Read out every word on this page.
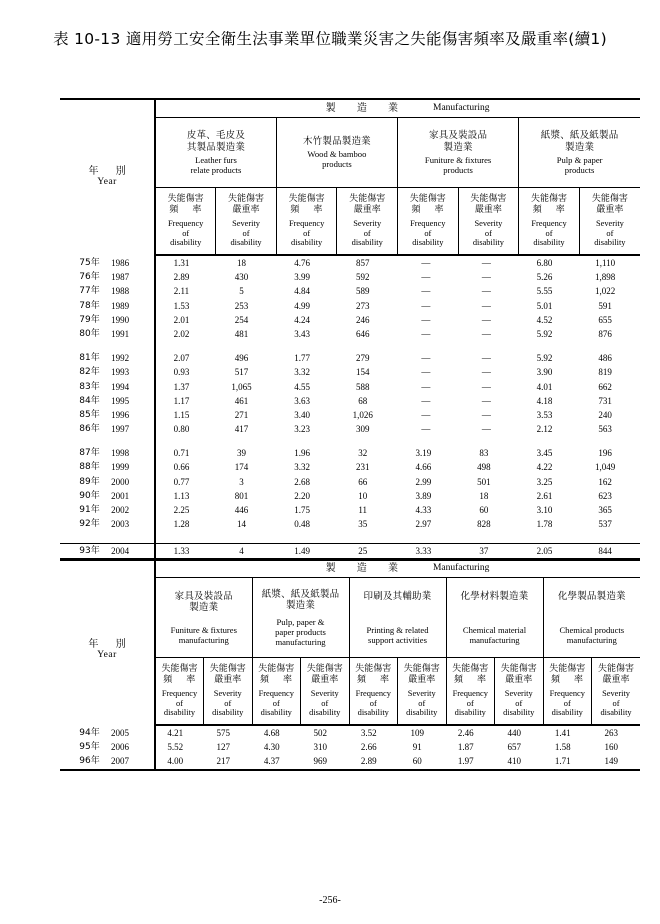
表 10-13 適用勞工安全衛生法事業單位職業災害之失能傷害頻率及嚴重率(續1)
年 別
Year

製 造 業	Manufacturing

		皮革、毛皮及
其製品製造業
Leather furs
relate products		木竹製品製造業
Wood & bamboo
products		家具及裝設品
製造業
Funiture & fixtures
products		紙漿、紙及紙製品
製造業
Pulp & paper
products	

		失能傷害
頻　率
Frequency
of
disability	失能傷害
嚴重率
Severity
of
disability	失能傷害
頻　率
Frequency
of
disability	失能傷害
嚴重率
Severity
of
disability	失能傷害
頻　率
Frequency
of
disability	失能傷害
嚴重率
Severity
of
disability	失能傷害
頻　率
Frequency
of
disability	失能傷害
嚴重率
Severity
of
disability

75年	1986	1.31	18	4.76	857	—	—	6.80	1,110
76年	1987	2.89	430	3.99	592	—	—	5.26	1,898
77年	1988	2.11	5	4.84	589	—	—	5.55	1,022
78年	1989	1.53	253	4.99	273	—	—	5.01	591
79年	1990	2.01	254	4.24	246	—	—	4.52	655
80年	1991	2.02	481	3.43	646	—	—	5.92	876

81年	1992	2.07	496	1.77	279	—	—	5.92	486
82年	1993	0.93	517	3.32	154	—	—	3.90	819
83年	1994	1.37	1,065	4.55	588	—	—	4.01	662
84年	1995	1.17	461	3.63	68	—	—	4.18	731
85年	1996	1.15	271	3.40	1,026	—	—	3.53	240
86年	1997	0.80	417	3.23	309	—	—	2.12	563

87年	1998	0.71	39	1.96	32	3.19	83	3.45	196
88年	1999	0.66	174	3.32	231	4.66	498	4.22	1,049
89年	2000	0.77	3	2.68	66	2.99	501	3.25	162
90年	2001	1.13	801	2.20	10	3.89	18	2.61	623
91年	2002	2.25	446	1.75	11	4.33	60	3.10	365
92年	2003	1.28	14	0.48	35	2.97	828	1.78	537

93年	2004	1.33	4	1.49	25	3.33	37	2.05	844
年 別
Year

製 造 業	Manufacturing

		家具及裝設品
製造業
Funiture & fixtures
manufacturing		紙漿、紙及紙製品
製造業
Pulp, paper &
paper products
manufacturing		印刷及其輔助業
Printing & related
support activities		化學材料製造業
Chemical material
manufacturing		化學製品製造業
Chemical products
manufacturing	

		失能傷害
頻　率
Frequency
of
disability	失能傷害
嚴重率
Severity
of
disability	失能傷害
頻　率
Frequency
of
disability	失能傷害
嚴重率
Severity
of
disability	失能傷害
頻　率
Frequency
of
disability	失能傷害
嚴重率
Severity
of
disability	失能傷害
頻　率
Frequency
of
disability	失能傷害
嚴重率
Severity
of
disability	失能傷害
頻　率
Frequency
of
disability	失能傷害
嚴重率
Severity
of
disability

94年	2005	4.21	575	4.68	502	3.52	109	2.46	440	1.41	263
95年	2006	5.52	127	4.30	310	2.66	91	1.87	657	1.58	160
96年	2007	4.00	217	4.37	969	2.89	60	1.97	410	1.71	149
-256-
